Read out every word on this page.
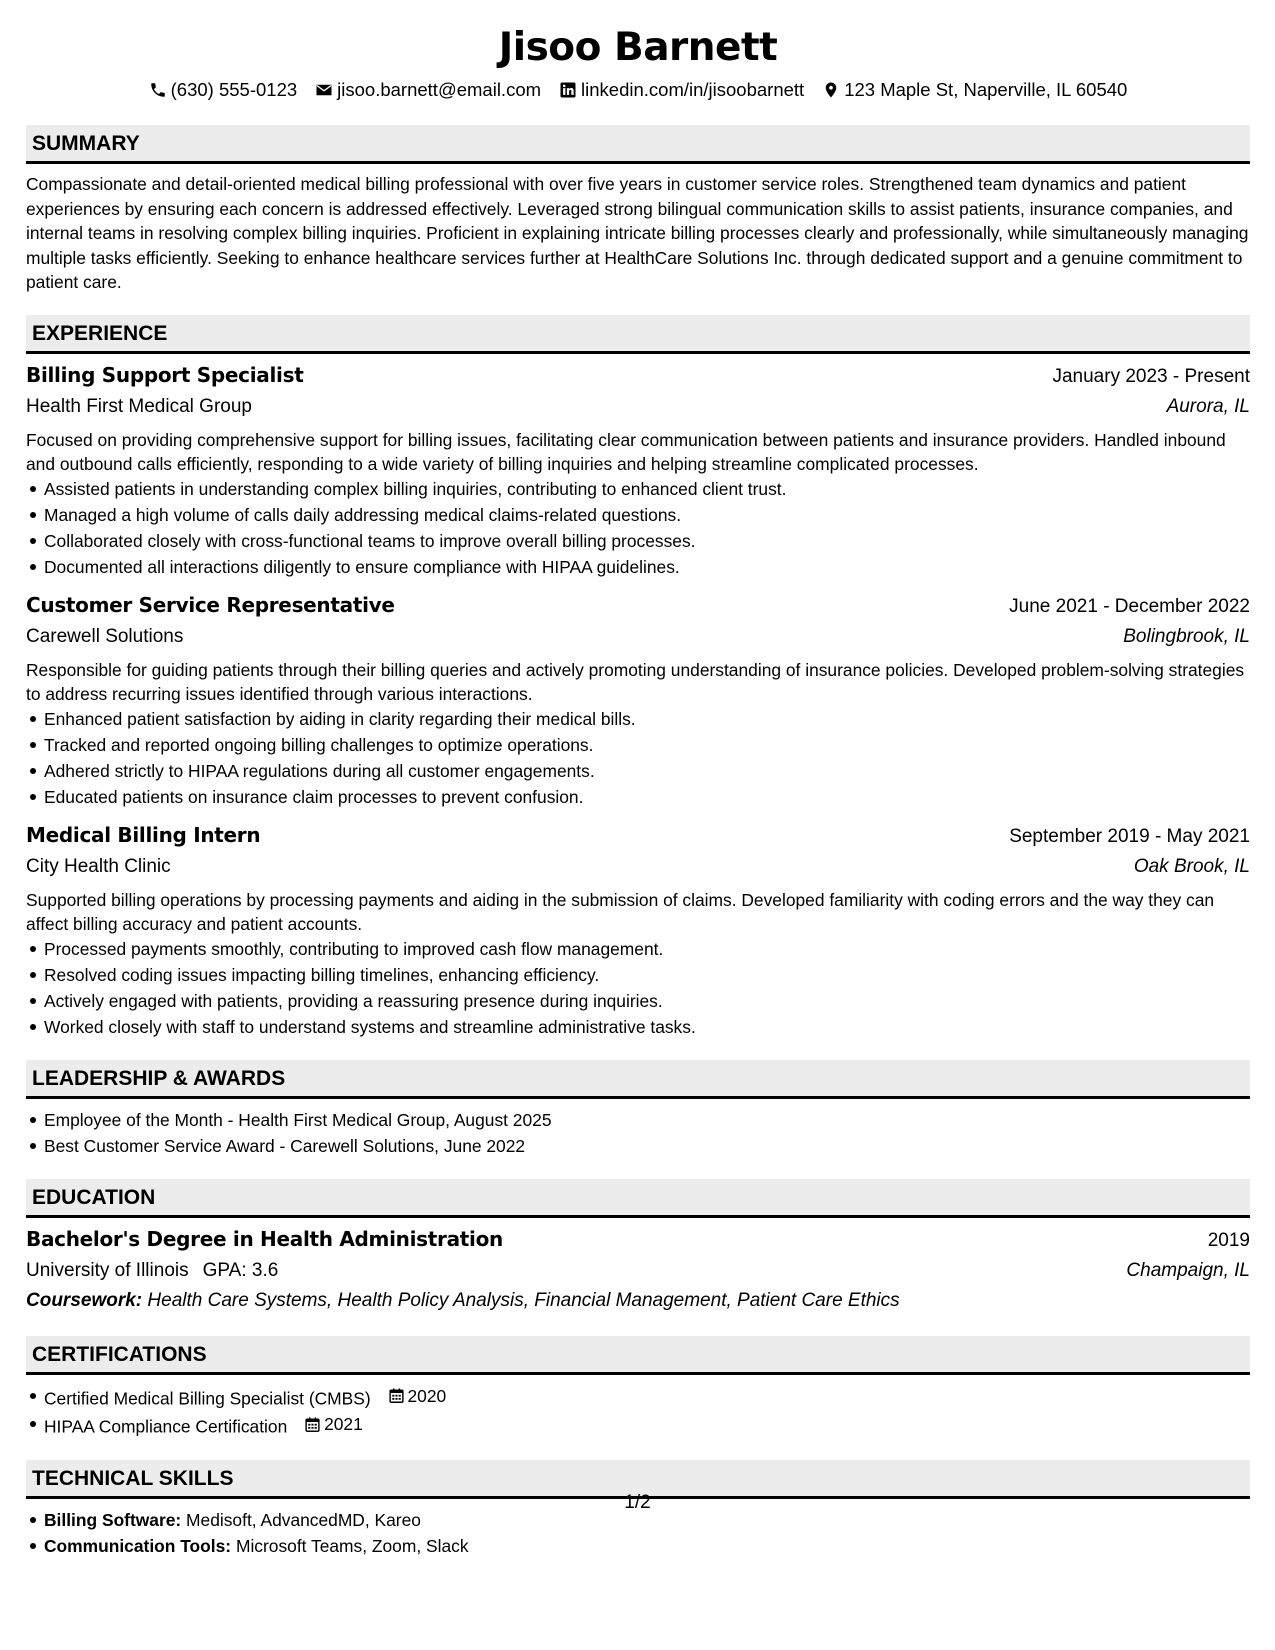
Jisoo Barnett
(630) 555-0123 jisoo.barnett@email.com linkedin.com/in/jisoobarnett 123 Maple St, Naperville, IL 60540
SUMMARY

Compassionate and detail-oriented medical billing professional with over five years in customer service roles. Strengthened team dynamics and patient experiences by ensuring each concern is addressed effectively. Leveraged strong bilingual communication skills to assist patients, insurance companies, and internal teams in resolving complex billing inquiries. Proficient in explaining intricate billing processes clearly and professionally, while simultaneously managing multiple tasks efficiently. Seeking to enhance healthcare services further at HealthCare Solutions Inc. through dedicated support and a genuine commitment to patient care.

EXPERIENCE
Billing Support Specialist	January 2023 - Present
Health First Medical Group	Aurora, IL

Focused on providing comprehensive support for billing issues, facilitating clear communication between patients and insurance providers. Handled inbound and outbound calls efficiently, responding to a wide variety of billing inquiries and helping streamline complicated processes.

Assisted patients in understanding complex billing inquiries, contributing to enhanced client trust.
Managed a high volume of calls daily addressing medical claims-related questions.
Collaborated closely with cross-functional teams to improve overall billing processes.
Documented all interactions diligently to ensure compliance with HIPAA guidelines.
Customer Service Representative	June 2021 - December 2022
Carewell Solutions	Bolingbrook, IL

Responsible for guiding patients through their billing queries and actively promoting understanding of insurance policies. Developed problem-solving strategies to address recurring issues identified through various interactions.

Enhanced patient satisfaction by aiding in clarity regarding their medical bills.
Tracked and reported ongoing billing challenges to optimize operations.
Adhered strictly to HIPAA regulations during all customer engagements.
Educated patients on insurance claim processes to prevent confusion.
Medical Billing Intern	September 2019 - May 2021
City Health Clinic	Oak Brook, IL

Supported billing operations by processing payments and aiding in the submission of claims. Developed familiarity with coding errors and the way they can affect billing accuracy and patient accounts.

Processed payments smoothly, contributing to improved cash flow management.
Resolved coding issues impacting billing timelines, enhancing efficiency.
Actively engaged with patients, providing a reassuring presence during inquiries.
Worked closely with staff to understand systems and streamline administrative tasks.
LEADERSHIP & AWARDS
Employee of the Month - Health First Medical Group, August 2025
Best Customer Service Award - Carewell Solutions, June 2022
EDUCATION
Bachelor's Degree in Health Administration	2019
University of Illinois GPA: 3.6	Champaign, IL
Coursework: Health Care Systems, Health Policy Analysis, Financial Management, Patient Care Ethics
CERTIFICATIONS
Certified Medical Billing Specialist (CMBS) 2020
HIPAA Compliance Certification 2021
TECHNICAL SKILLS
Billing Software: Medisoft, AdvancedMD, Kareo
Communication Tools: Microsoft Teams, Zoom, Slack
1/2
